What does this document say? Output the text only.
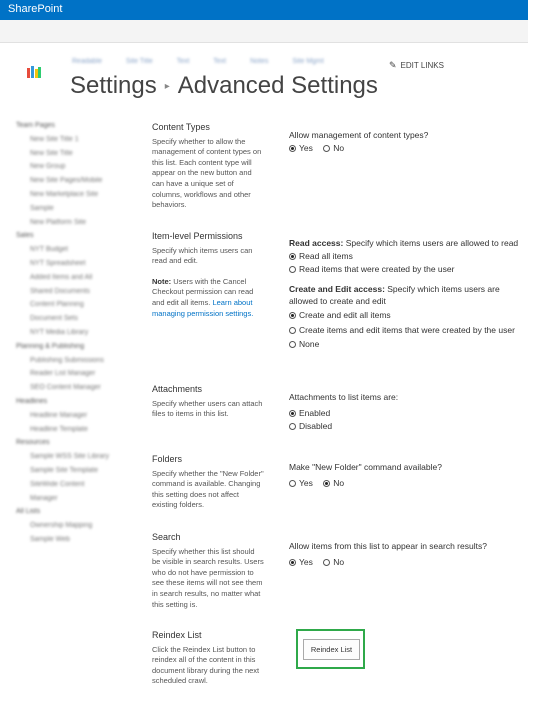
SharePoint
Readable	Site Title	Text	Text	Notes	Site Mgmt	✎ EDIT LINKS
Settings ▸ Advanced Settings
Team Pages
New Site Title 1
New Site Title
New Group
New Site Pages/Mobile
New Marketplace Site
Sample
New Platform Site
Sales
NYT Budget
NYT Spreadsheet
Added Items and All
Shared Documents
Content Planning
Document Sets
NYT Media Library
Planning & Publishing
Publishing Submissions
Reader List Manager
SEO Content Manager
Headlines
Headline Manager
Headline Template
Resources
Sample WSS Site Library
Sample Site Template
SiteWide Content
Manager
All Lists
Ownership Mapping
Sample Web
Content Types
Specify whether to allow the management of content types on this list. Each content type will appear on the new button and can have a unique set of columns, workflows and other behaviors.
Allow management of content types?
Yes No
Item-level Permissions
Specify which items users can read and edit.
Note: Users with the Cancel Checkout permission can read and edit all items. Learn about managing permission settings.
Read access: Specify which items users are allowed to read
Read all items
Read items that were created by the user
Create and Edit access: Specify which items users are allowed to create and edit
Create and edit all items
Create items and edit items that were created by the user
None
Attachments
Specify whether users can attach files to items in this list.
Attachments to list items are:
Enabled
Disabled
Folders
Specify whether the "New Folder" command is available. Changing this setting does not affect existing folders.
Make "New Folder" command available?
Yes No
Search
Specify whether this list should be visible in search results. Users who do not have permission to see these items will not see them in search results, no matter what this setting is.
Allow items from this list to appear in search results?
Yes No
Reindex List
Click the Reindex List button to reindex all of the content in this document library during the next scheduled crawl.
Reindex List
